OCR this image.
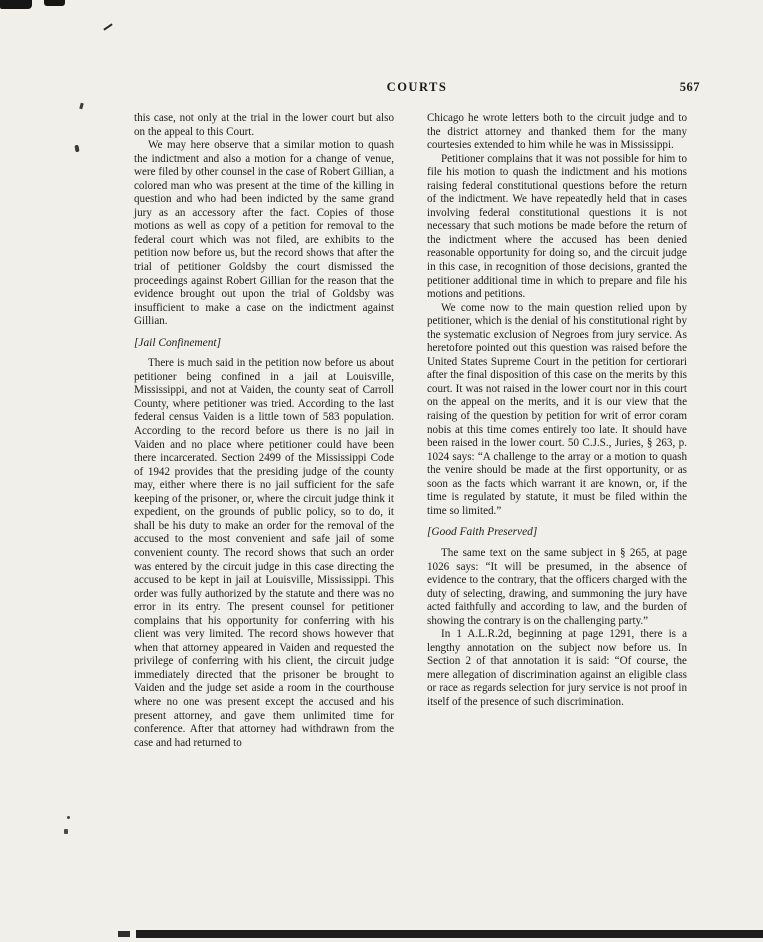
COURTS	567

this case, not only at the trial in the lower court but also on the appeal to this Court.

We may here observe that a similar motion to quash the indictment and also a motion for a change of venue, were filed by other counsel in the case of Robert Gillian, a colored man who was present at the time of the killing in question and who had been indicted by the same grand jury as an accessory after the fact. Copies of those motions as well as copy of a petition for removal to the federal court which was not filed, are exhibits to the petition now before us, but the record shows that after the trial of petitioner Goldsby the court dismissed the proceedings against Robert Gillian for the reason that the evidence brought out upon the trial of Goldsby was insufficient to make a case on the indictment against Gillian.

[Jail Confinement]

There is much said in the petition now before us about petitioner being confined in a jail at Louisville, Mississippi, and not at Vaiden, the county seat of Carroll County, where petitioner was tried. According to the last federal census Vaiden is a little town of 583 population. According to the record before us there is no jail in Vaiden and no place where petitioner could have been there incarcerated. Section 2499 of the Mississippi Code of 1942 provides that the presiding judge of the county may, either where there is no jail sufficient for the safe keeping of the prisoner, or, where the circuit judge think it expedient, on the grounds of public policy, so to do, it shall be his duty to make an order for the removal of the accused to the most convenient and safe jail of some convenient county. The record shows that such an order was entered by the circuit judge in this case directing the accused to be kept in jail at Louisville, Mississippi. This order was fully authorized by the statute and there was no error in its entry. The present counsel for petitioner complains that his opportunity for conferring with his client was very limited. The record shows however that when that attorney appeared in Vaiden and requested the privilege of conferring with his client, the circuit judge immediately directed that the prisoner be brought to Vaiden and the judge set aside a room in the courthouse where no one was present except the accused and his present attorney, and gave them unlimited time for conference. After that attorney had withdrawn from the case and had returned to

Chicago he wrote letters both to the circuit judge and to the district attorney and thanked them for the many courtesies extended to him while he was in Mississippi.

Petitioner complains that it was not possible for him to file his motion to quash the indictment and his motions raising federal constitutional questions before the return of the indictment. We have repeatedly held that in cases involving federal constitutional questions it is not necessary that such motions be made before the return of the indictment where the accused has been denied reasonable opportunity for doing so, and the circuit judge in this case, in recognition of those decisions, granted the petitioner additional time in which to prepare and file his motions and petitions.

We come now to the main question relied upon by petitioner, which is the denial of his constitutional right by the systematic exclusion of Negroes from jury service. As heretofore pointed out this question was raised before the United States Supreme Court in the petition for certiorari after the final disposition of this case on the merits by this court. It was not raised in the lower court nor in this court on the appeal on the merits, and it is our view that the raising of the question by petition for writ of error coram nobis at this time comes entirely too late. It should have been raised in the lower court. 50 C.J.S., Juries, § 263, p. 1024 says: “A challenge to the array or a motion to quash the venire should be made at the first opportunity, or as soon as the facts which warrant it are known, or, if the time is regulated by statute, it must be filed within the time so limited.”

[Good Faith Preserved]

The same text on the same subject in § 265, at page 1026 says: “It will be presumed, in the absence of evidence to the contrary, that the officers charged with the duty of selecting, drawing, and summoning the jury have acted faithfully and according to law, and the burden of showing the contrary is on the challenging party.”

In 1 A.L.R.2d, beginning at page 1291, there is a lengthy annotation on the subject now before us. In Section 2 of that annotation it is said: “Of course, the mere allegation of discrimination against an eligible class or race as regards selection for jury service is not proof in itself of the presence of such discrimination.
